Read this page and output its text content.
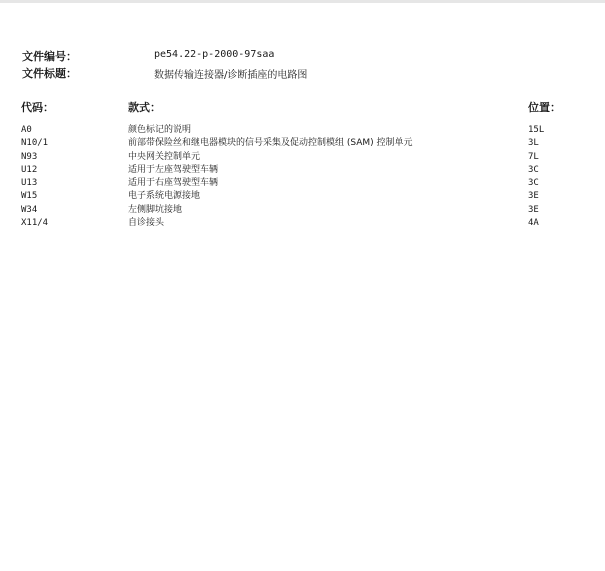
文件编号：	pe54.22-p-2000-97saa
文件标题：	数据传输连接器/诊断插座的电路图
代码：	款式：	位置：
A0	颜色标记的说明	15L
N10/1	前部带保险丝和继电器模块的信号采集及促动控制模组 (SAM) 控制单元	3L
N93	中央网关控制单元	7L
U12	适用于左座驾驶型车辆	3C
U13	适用于右座驾驶型车辆	3C
W15	电子系统电源接地	3E
W34	左侧脚坑接地	3E
X11/4	自诊接头	4A
